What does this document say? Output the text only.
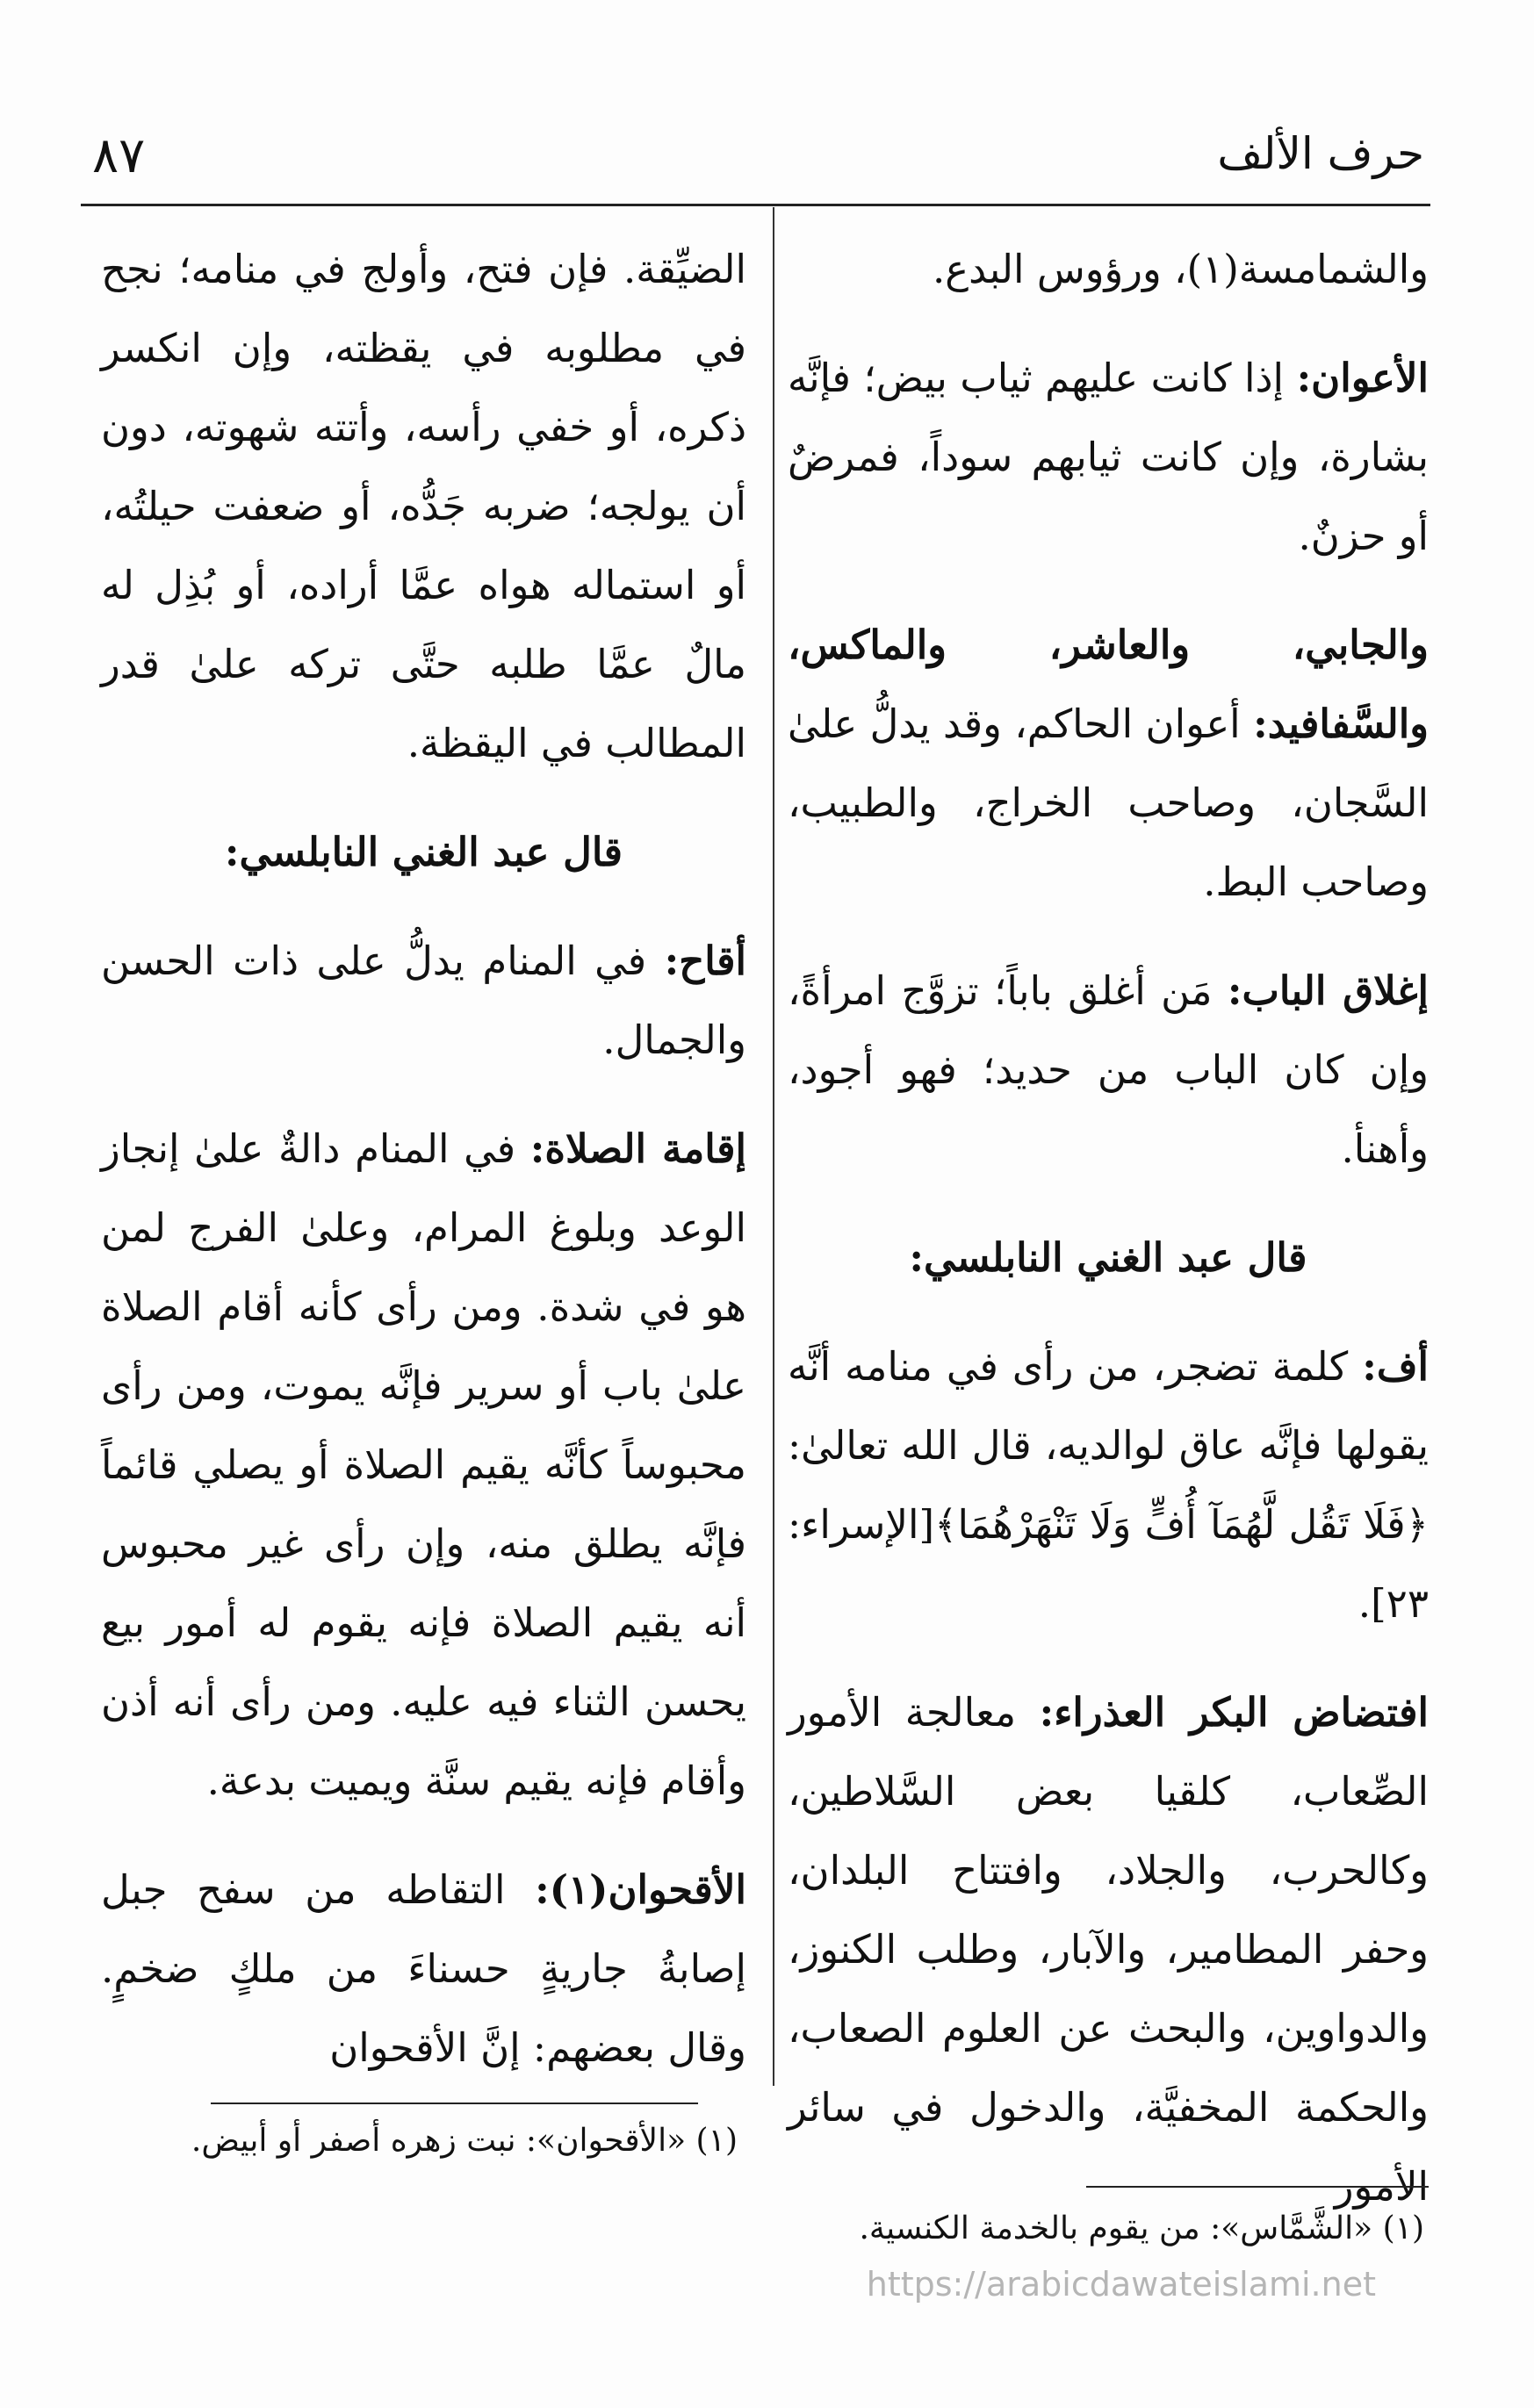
حرف الألف
٨٧

والشمامسة(١)، ورؤوس البدع.

الأعوان: إذا كانت عليهم ثياب بيض؛ فإنَّه بشارة، وإن كانت ثيابهم سوداً، فمرضٌ أو حزنٌ.

والجابي، والعاشر، والماكس، والسَّفافيد: أعوان الحاكم، وقد يدلُّ علىٰ السَّجان، وصاحب الخراج، والطبيب، وصاحب البط.

إغلاق الباب: مَن أغلق باباً؛ تزوَّج امرأةً، وإن كان الباب من حديد؛ فهو أجود، وأهنأ.

قال عبد الغني النابلسي:

أف: كلمة تضجر، من رأى في منامه أنَّه يقولها فإنَّه عاق لوالديه، قال الله تعالىٰ: ﴿فَلَا تَقُل لَّهُمَآ أُفٍّ وَلَا تَنْهَرْهُمَا﴾[الإسراء: ٢٣].

افتضاض البكر العذراء: معالجة الأمور الصِّعاب، كلقيا بعض السَّلاطين، وكالحرب، والجلاد، وافتتاح البلدان، وحفر المطامير، والآبار، وطلب الكنوز، والدواوين، والبحث عن العلوم الصعاب، والحكمة المخفيَّة، والدخول في سائر الأمور

الضيِّقة. فإن فتح، وأولج في منامه؛ نجح في مطلوبه في يقظته، وإن انكسر ذكره، أو خفي رأسه، وأتته شهوته، دون أن يولجه؛ ضربه جَدُّه، أو ضعفت حيلتُه، أو استماله هواه عمَّا أراده، أو بُذِل له مالٌ عمَّا طلبه حتَّى تركه علىٰ قدر المطالب في اليقظة.

قال عبد الغني النابلسي:

أقاح: في المنام يدلُّ على ذات الحسن والجمال.

إقامة الصلاة: في المنام دالةٌ علىٰ إنجاز الوعد وبلوغ المرام، وعلىٰ الفرج لمن هو في شدة. ومن رأى كأنه أقام الصلاة علىٰ باب أو سرير فإنَّه يموت، ومن رأى محبوساً كأنَّه يقيم الصلاة أو يصلي قائماً فإنَّه يطلق منه، وإن رأى غير محبوس أنه يقيم الصلاة فإنه يقوم له أمور بيع يحسن الثناء فيه عليه. ومن رأى أنه أذن وأقام فإنه يقيم سنَّة ويميت بدعة.

الأقحوان(١): التقاطه من سفح جبل إصابةُ جاريةٍ حسناءَ من ملكٍ ضخمٍ. وقال بعضهم: إنَّ الأقحوان

(١) «الشَّمَّاس»: من يقوم بالخدمة الكنسية.
(١) «الأقحوان»: نبت زهره أصفر أو أبيض.
https://arabicdawateislami.net
